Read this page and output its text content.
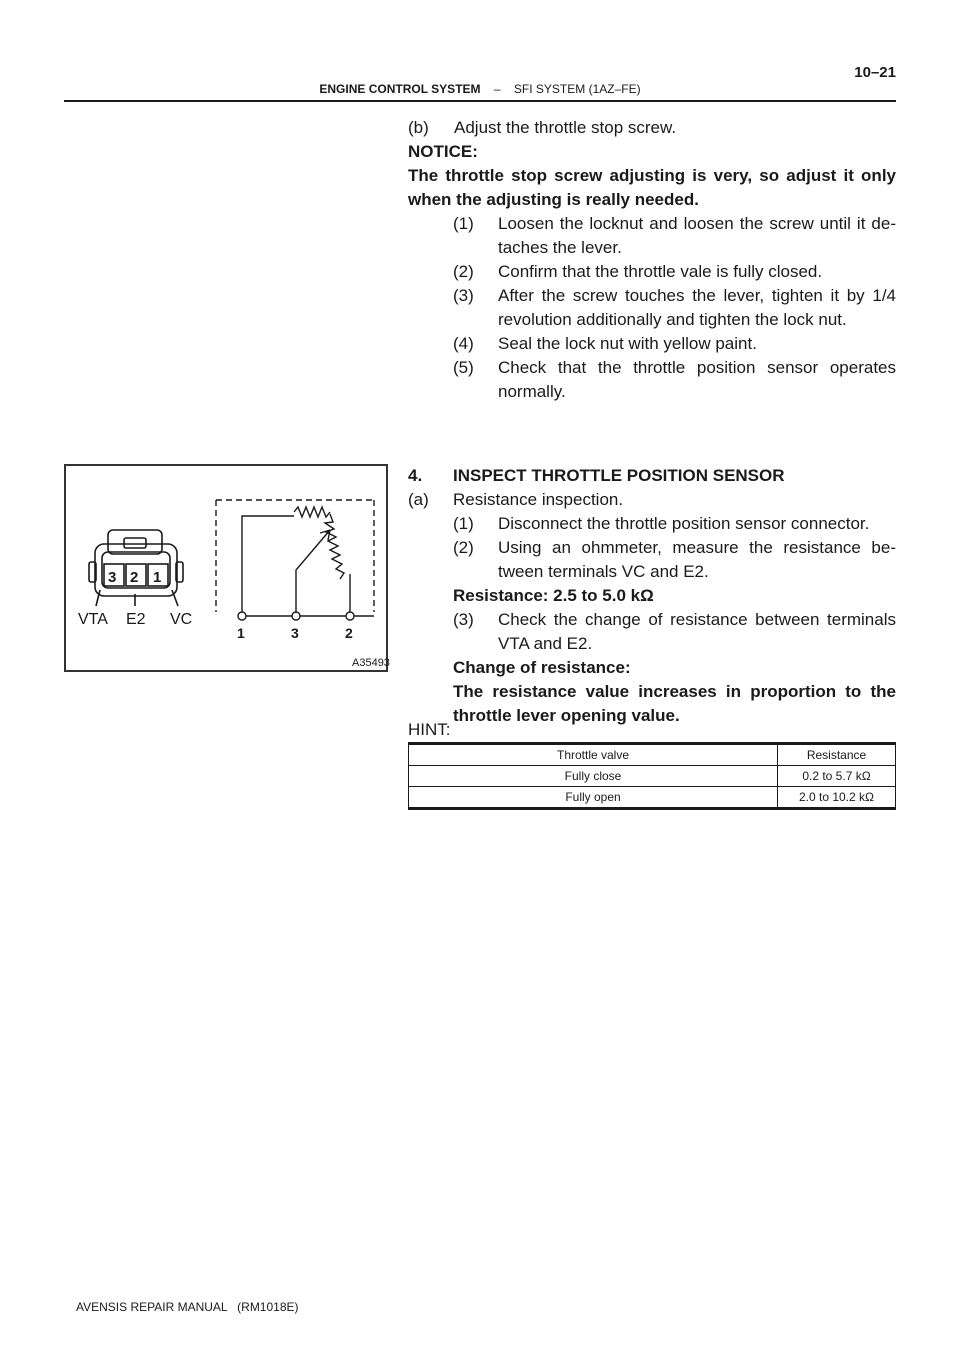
10–21
ENGINE CONTROL SYSTEM – SFI SYSTEM (1AZ–FE)
(b) Adjust the throttle stop screw.
NOTICE:
The throttle stop screw adjusting is very, so adjust it only
when the adjusting is really needed.
(1) Loosen the locknut and loosen the screw until it de-
taches the lever.
(2) Confirm that the throttle vale is fully closed.
(3) After the screw touches the lever, tighten it by 1/4
revolution additionally and tighten the lock nut.
(4) Seal the lock nut with yellow paint.
(5) Check that the throttle position sensor operates
normally.
4. INSPECT THROTTLE POSITION SENSOR
(a) Resistance inspection.
(1) Disconnect the throttle position sensor connector.
(2) Using an ohmmeter, measure the resistance be-
tween terminals VC and E2.
Resistance: 2.5 to 5.0 kΩ
(3) Check the change of resistance between terminals
VTA and E2.
Change of resistance:
The resistance value increases in proportion to the
throttle lever opening value.
HINT:
3 2 1
VTA E2 VC
1	3	2
A35493
Throttle valve	Resistance
Fully close	0.2 to 5.7 kΩ
Fully open	2.0 to 10.2 kΩ
AVENSIS REPAIR MANUAL   (RM1018E)
